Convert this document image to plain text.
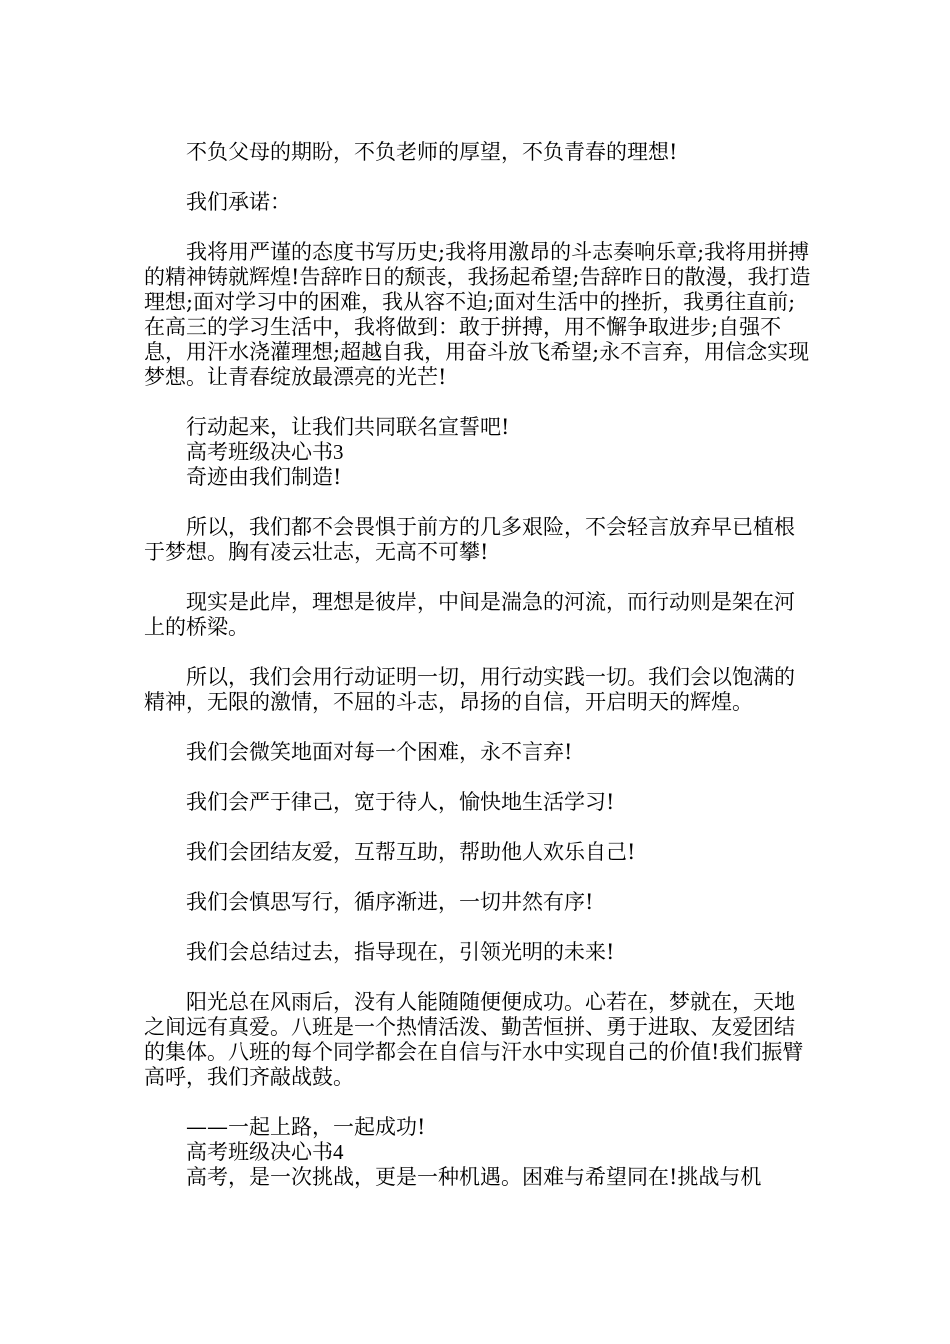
不负父母的期盼，不负老师的厚望，不负青春的理想!

我们承诺：

我将用严谨的态度书写历史;我将用激昂的斗志奏响乐章;我将用拼搏的精神铸就辉煌!告辞昨日的颓丧，我扬起希望;告辞昨日的散漫，我打造理想;面对学习中的困难，我从容不迫;面对生活中的挫折，我勇往直前;在高三的学习生活中，我将做到：敢于拼搏，用不懈争取进步;自强不息，用汗水浇灌理想;超越自我，用奋斗放飞希望;永不言弃，用信念实现梦想。让青春绽放最漂亮的光芒!

行动起来，让我们共同联名宣誓吧!

高考班级决心书3

奇迹由我们制造!

所以，我们都不会畏惧于前方的几多艰险，不会轻言放弃早已植根于梦想。胸有凌云壮志，无高不可攀!

现实是此岸，理想是彼岸，中间是湍急的河流，而行动则是架在河上的桥梁。

所以，我们会用行动证明一切，用行动实践一切。我们会以饱满的精神，无限的激情，不屈的斗志，昂扬的自信，开启明天的辉煌。

我们会微笑地面对每一个困难，永不言弃!

我们会严于律己，宽于待人，愉快地生活学习!

我们会团结友爱，互帮互助，帮助他人欢乐自己!

我们会慎思写行，循序渐进，一切井然有序!

我们会总结过去，指导现在，引领光明的未来!

阳光总在风雨后，没有人能随随便便成功。心若在，梦就在，天地之间远有真爱。八班是一个热情活泼、勤苦恒拼、勇于进取、友爱团结的集体。八班的每个同学都会在自信与汗水中实现自己的价值!我们振臂高呼，我们齐敲战鼓。

——一起上路，一起成功!

高考班级决心书4

高考，是一次挑战，更是一种机遇。困难与希望同在!挑战与机
